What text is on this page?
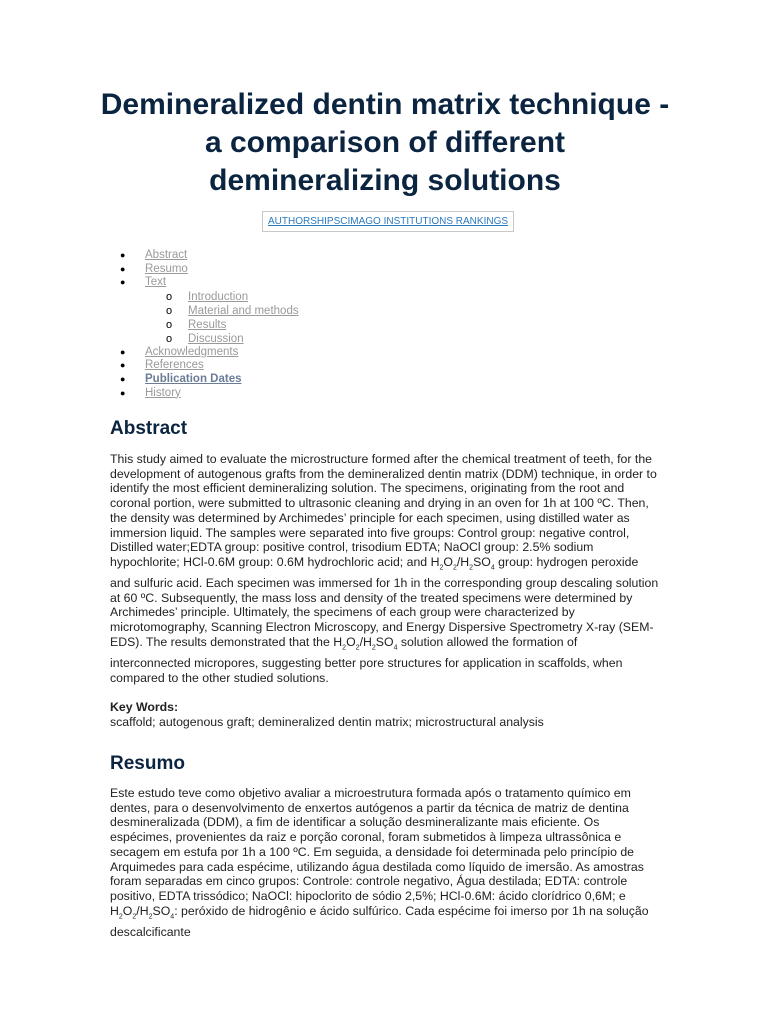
Demineralized dentin matrix technique - a comparison of different demineralizing solutions
AUTHORSHIPSCIMAGO INSTITUTIONS RANKINGS
● Abstract
● Resumo
● Text
o Introduction
o Material and methods
o Results
o Discussion
● Acknowledgments
● References
● Publication Dates
● History
Abstract
This study aimed to evaluate the microstructure formed after the chemical treatment of teeth, for the development of autogenous grafts from the demineralized dentin matrix (DDM) technique, in order to identify the most efficient demineralizing solution. The specimens, originating from the root and coronal portion, were submitted to ultrasonic cleaning and drying in an oven for 1h at 100 ºC. Then, the density was determined by Archimedes’ principle for each specimen, using distilled water as immersion liquid. The samples were separated into five groups: Control group: negative control, Distilled water;EDTA group: positive control, trisodium EDTA; NaOCl group: 2.5% sodium hypochlorite; HCl-0.6M group: 0.6M hydrochloric acid; and $H_2O_2/H_2SO_4$ group: hydrogen peroxide and sulfuric acid. Each specimen was immersed for 1h in the corresponding group descaling solution at 60 ºC. Subsequently, the mass loss and density of the treated specimens were determined by Archimedes’ principle. Ultimately, the specimens of each group were characterized by microtomography, Scanning Electron Microscopy, and Energy Dispersive Spectrometry X-ray (SEM-EDS). The results demonstrated that the $H_2O_2/H_2SO_4$ solution allowed the formation of interconnected micropores, suggesting better pore structures for application in scaffolds, when compared to the other studied solutions.
Key Words:
scaffold; autogenous graft; demineralized dentin matrix; microstructural analysis
Resumo
Este estudo teve como objetivo avaliar a microestrutura formada após o tratamento químico em dentes, para o desenvolvimento de enxertos autógenos a partir da técnica de matriz de dentina desmineralizada (DDM), a fim de identificar a solução desmineralizante mais eficiente. Os espécimes, provenientes da raiz e porção coronal, foram submetidos à limpeza ultrassônica e secagem em estufa por 1h a 100 ºC. Em seguida, a densidade foi determinada pelo princípio de Arquimedes para cada espécime, utilizando água destilada como líquido de imersão. As amostras foram separadas em cinco grupos: Controle: controle negativo, Água destilada; EDTA: controle positivo, EDTA trissódico; NaOCl: hipoclorito de sódio 2,5%; HCl-0.6M: ácido clorídrico 0,6M; e $H_2O_2/H_2SO_4$: peróxido de hidrogênio e ácido sulfúrico. Cada espécime foi imerso por 1h na solução descalcificante
